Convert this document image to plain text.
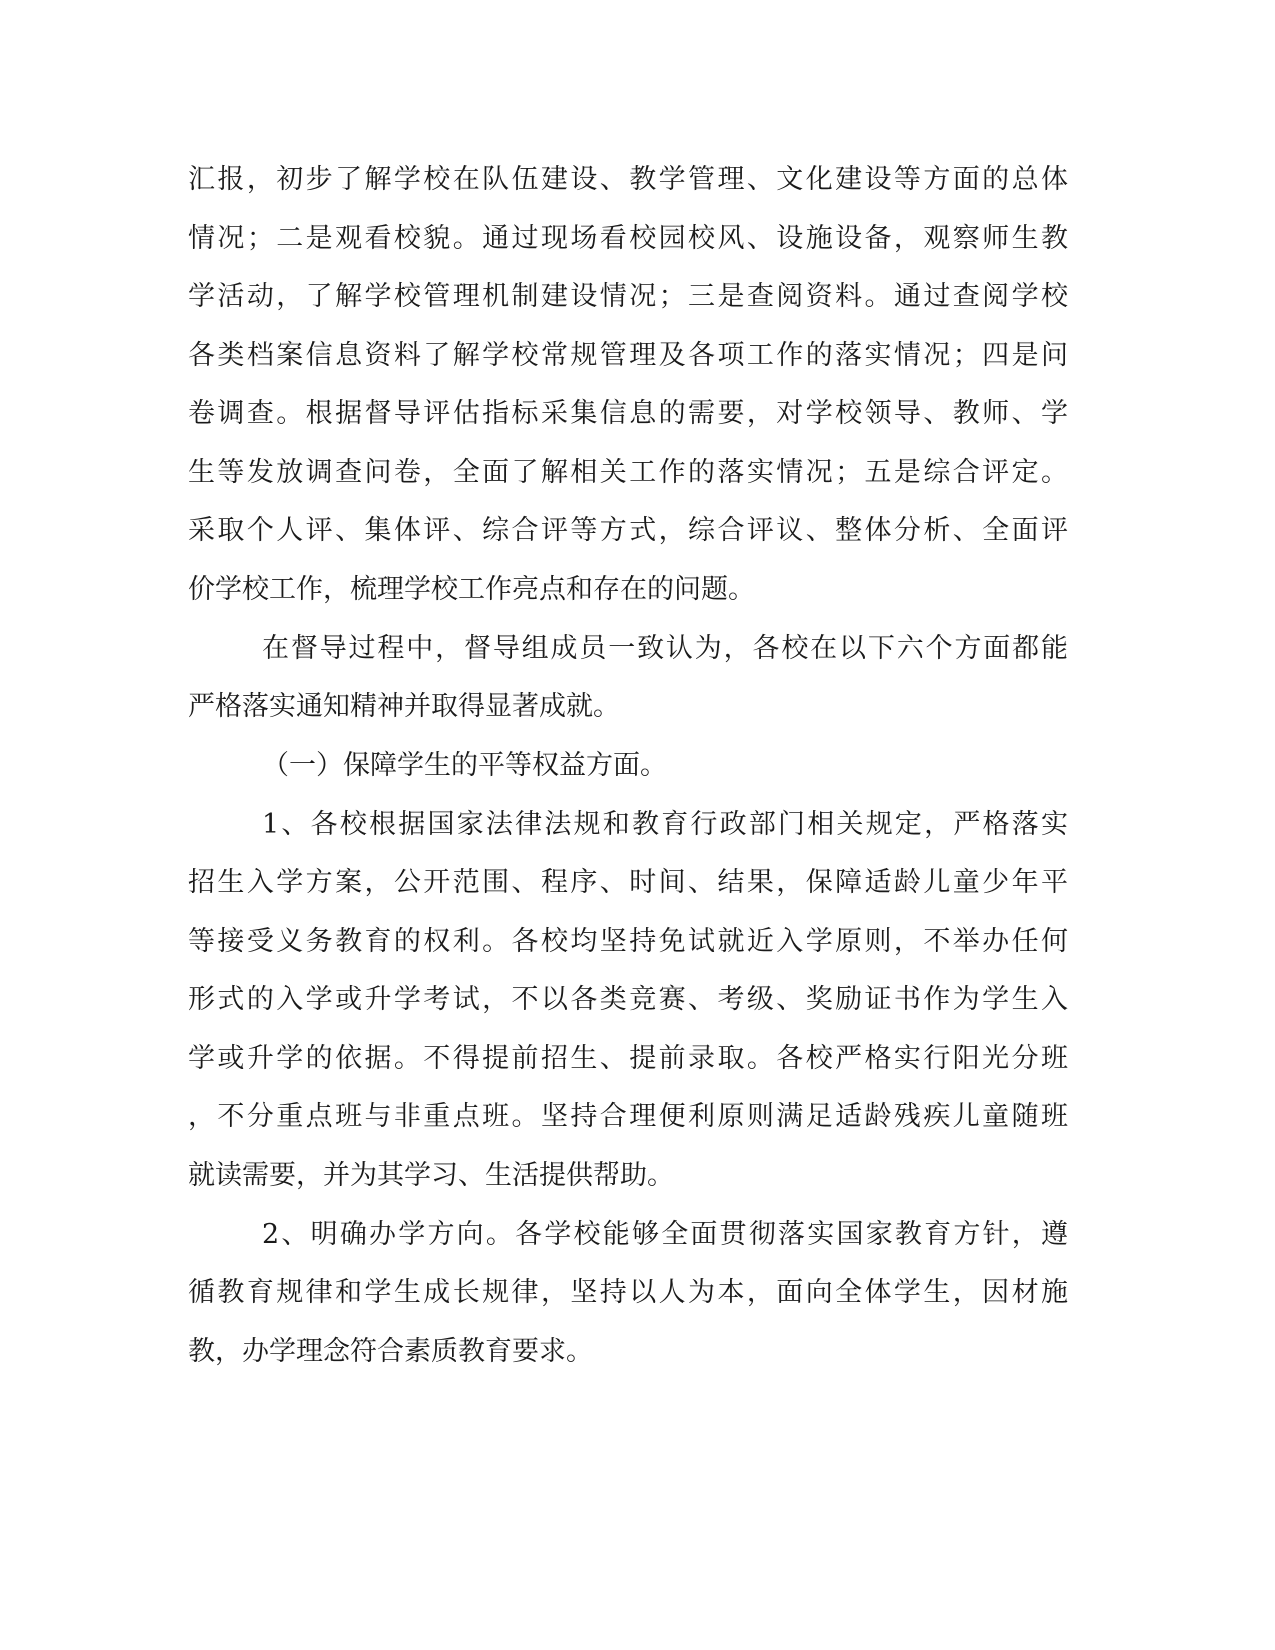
汇报，初步了解学校在队伍建设、教学管理、文化建设等方面的总体
情况；二是观看校貌。通过现场看校园校风、设施设备，观察师生教
学活动，了解学校管理机制建设情况；三是查阅资料。通过查阅学校
各类档案信息资料了解学校常规管理及各项工作的落实情况；四是问
卷调查。根据督导评估指标采集信息的需要，对学校领导、教师、学
生等发放调查问卷，全面了解相关工作的落实情况；五是综合评定。
采取个人评、集体评、综合评等方式，综合评议、整体分析、全面评
价学校工作，梳理学校工作亮点和存在的问题。
在督导过程中，督导组成员一致认为，各校在以下六个方面都能
严格落实通知精神并取得显著成就。
（一）保障学生的平等权益方面。
1、各校根据国家法律法规和教育行政部门相关规定，严格落实
招生入学方案，公开范围、程序、时间、结果，保障适龄儿童少年平
等接受义务教育的权利。各校均坚持免试就近入学原则，不举办任何
形式的入学或升学考试，不以各类竞赛、考级、奖励证书作为学生入
学或升学的依据。不得提前招生、提前录取。各校严格实行阳光分班
，不分重点班与非重点班。坚持合理便利原则满足适龄残疾儿童随班
就读需要，并为其学习、生活提供帮助。
2、明确办学方向。各学校能够全面贯彻落实国家教育方针，遵
循教育规律和学生成长规律，坚持以人为本，面向全体学生，因材施
教，办学理念符合素质教育要求。
